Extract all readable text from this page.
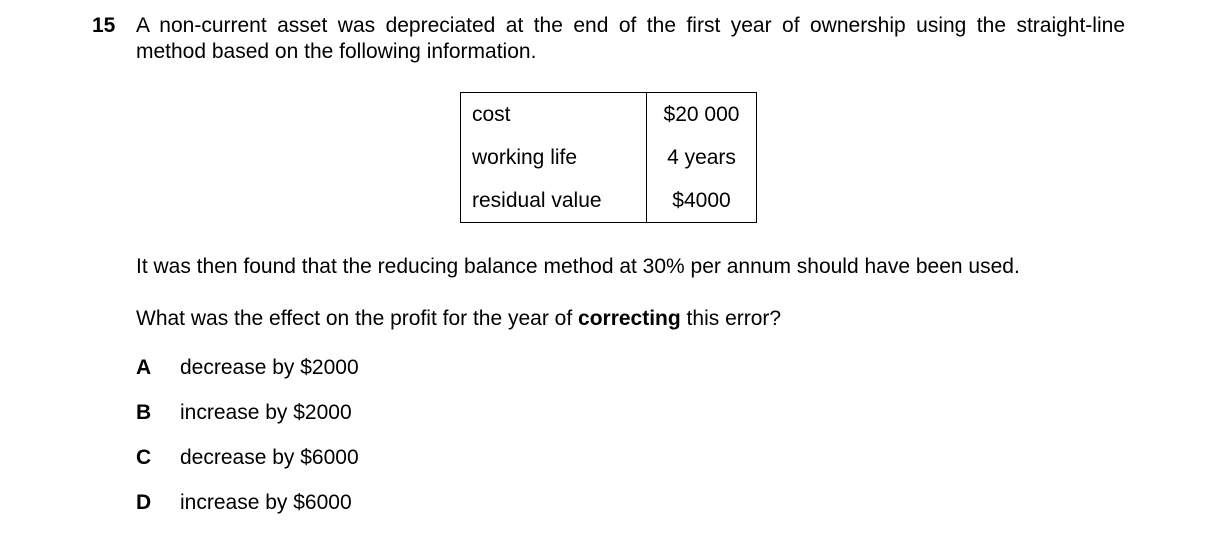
15 A non-current asset was depreciated at the end of the first year of ownership using the straight-line method based on the following information.
cost	$20 000
working life	4 years
residual value	$4000
It was then found that the reducing balance method at 30% per annum should have been used.
What was the effect on the profit for the year of correcting this error?
A decrease by $2000
B increase by $2000
C decrease by $6000
D increase by $6000
